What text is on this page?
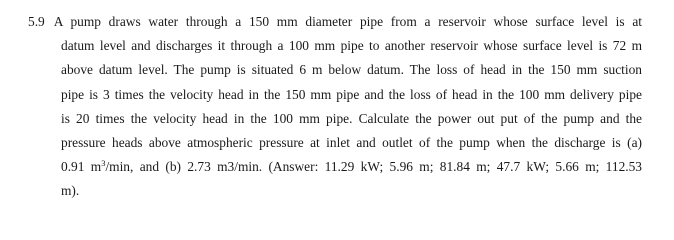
5.9 A pump draws water through a 150 mm diameter pipe from a reservoir whose surface level is at
datum level and discharges it through a 100 mm pipe to another reservoir whose surface level is 72 m
above datum level. The pump is situated 6 m below datum. The loss of head in the 150 mm suction
pipe is 3 times the velocity head in the 150 mm pipe and the loss of head in the 100 mm delivery pipe
is 20 times the velocity head in the 100 mm pipe. Calculate the power out put of the pump and the
pressure heads above atmospheric pressure at inlet and outlet of the pump when the discharge is (a)
0.91 $m^3/\min$, and (b) 2.73 m3/min. (Answer: 11.29 kW; 5.96 m; 81.84 m; 47.7 kW; 5.66 m; 112.53
m).
